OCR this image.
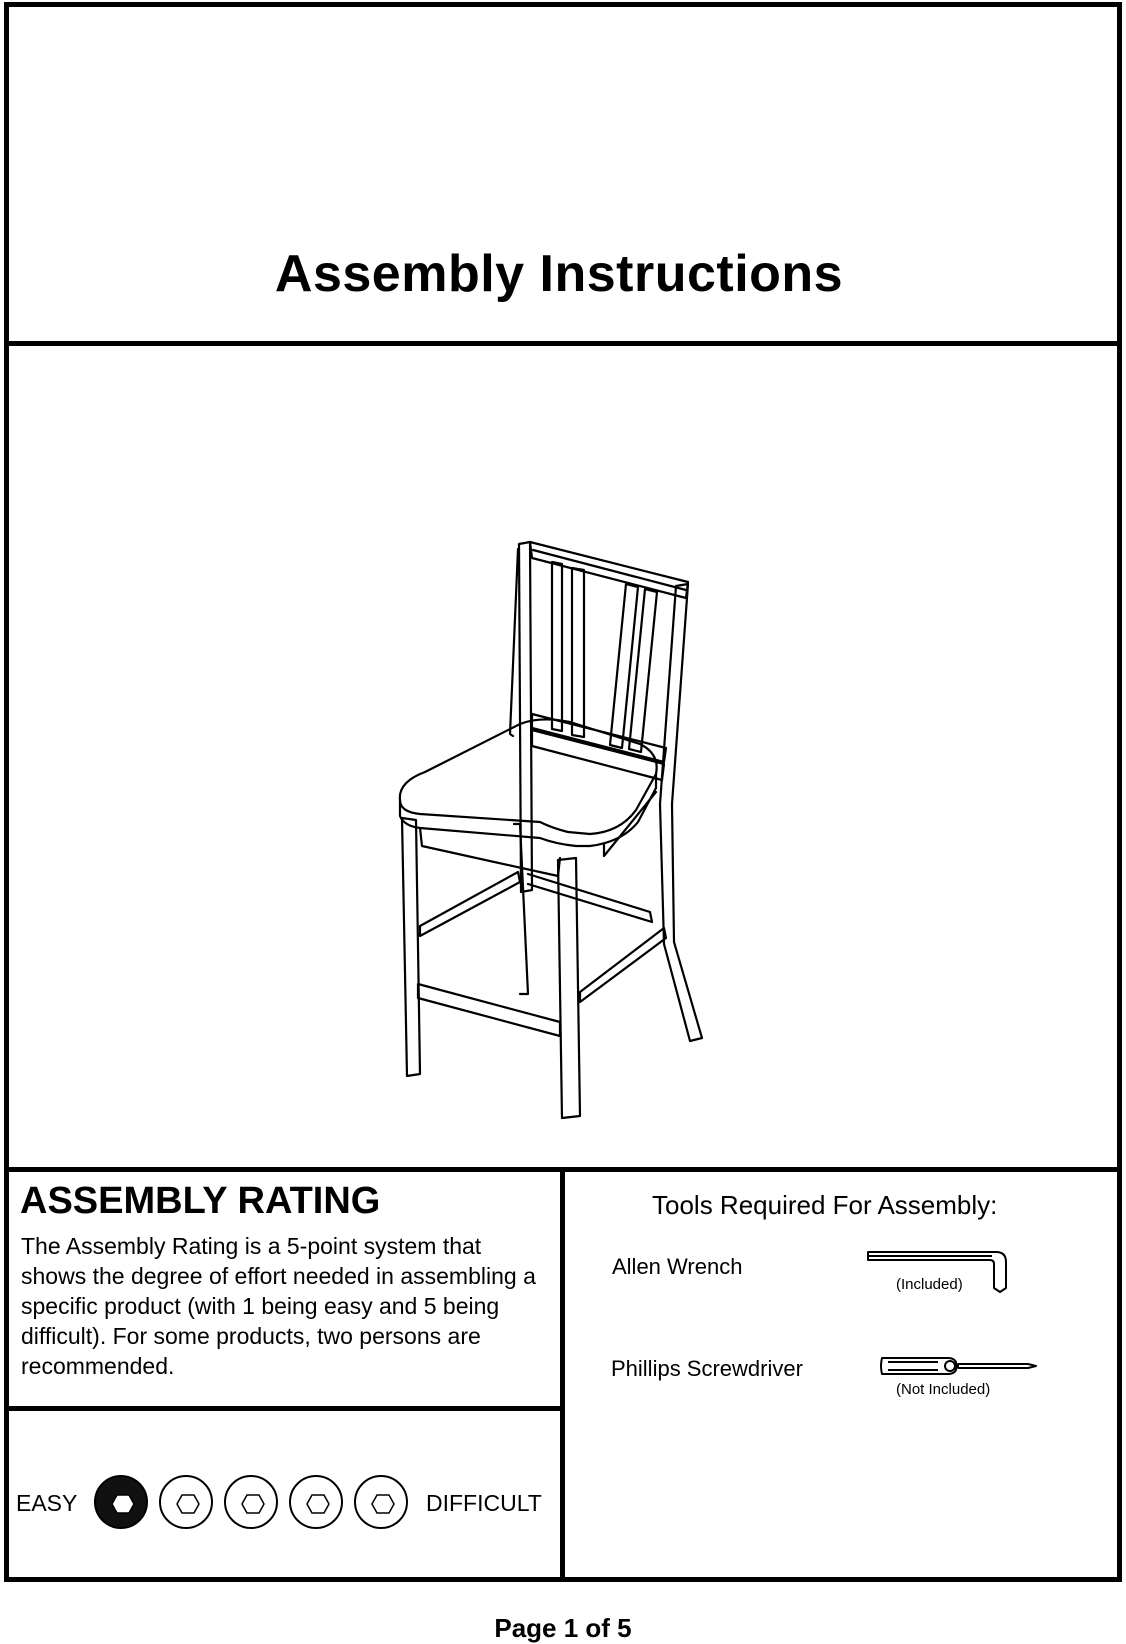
Assembly Instructions
ASSEMBLY RATING
The Assembly Rating is a 5-point system that shows the degree of effort needed in assembling a specific product (with 1 being easy and 5 being difficult). For some products, two persons are recommended.
EASY	DIFFICULT
Tools Required For Assembly:
Allen Wrench
(Included)
Phillips Screwdriver
(Not Included)
Page 1 of 5
